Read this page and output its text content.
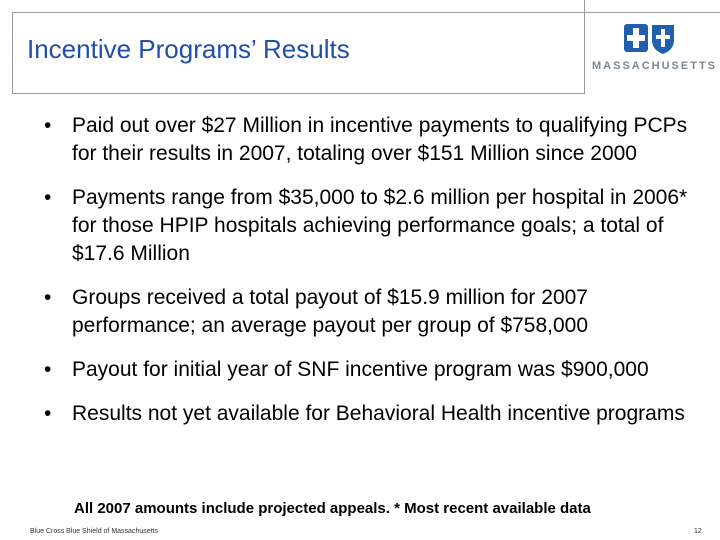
Incentive Programs’ Results
MASSACHUSETTS
• Paid out over $27 Million in incentive payments to qualifying PCPs for their results in 2007, totaling over $151 Million since 2000
• Payments range from $35,000 to $2.6 million per hospital in 2006* for those HPIP hospitals achieving performance goals; a total of $17.6 Million
• Groups received a total payout of $15.9 million for 2007 performance; an average payout per group of $758,000
• Payout for initial year of SNF incentive program was $900,000
• Results not yet available for Behavioral Health incentive programs
All 2007 amounts include projected appeals. * Most recent available data
Blue Cross Blue Shield of Massachusetts	12
